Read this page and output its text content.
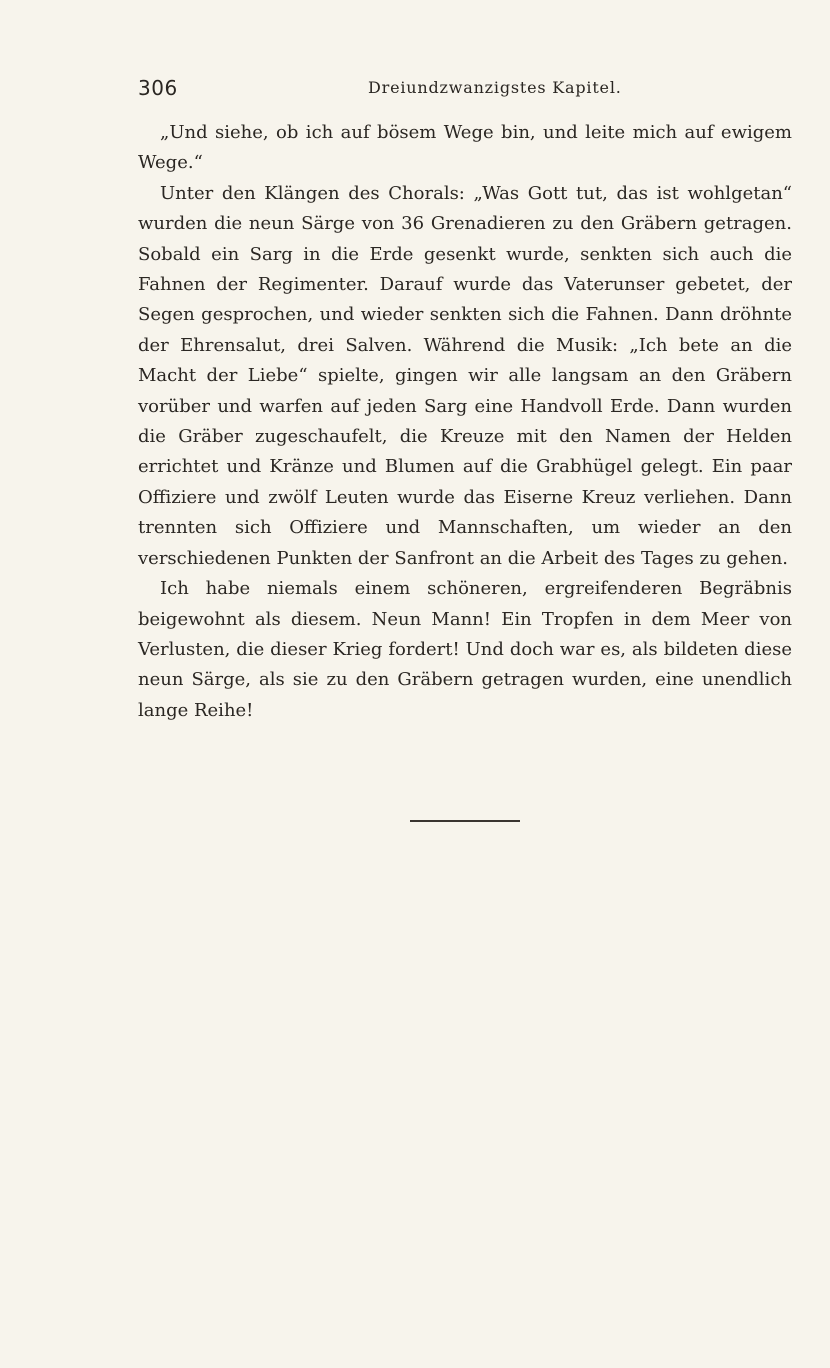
306	Dreiundzwanzigstes Kapitel.

„Und siehe, ob ich auf bösem Wege bin, und leite mich auf ewigem Wege.“

Unter den Klängen des Chorals: „Was Gott tut, das ist wohlgetan“ wurden die neun Särge von 36 Grenadieren zu den Gräbern getragen. Sobald ein Sarg in die Erde gesenkt wurde, senkten sich auch die Fahnen der Regimenter. Darauf wurde das Vaterunser gebetet, der Segen gesprochen, und wieder senkten sich die Fahnen. Dann dröhnte der Ehrensalut, drei Salven. Während die Musik: „Ich bete an die Macht der Liebe“ spielte, gingen wir alle langsam an den Gräbern vorüber und warfen auf jeden Sarg eine Handvoll Erde. Dann wurden die Gräber zugeschaufelt, die Kreuze mit den Namen der Helden errichtet und Kränze und Blumen auf die Grabhügel gelegt. Ein paar Offiziere und zwölf Leuten wurde das Eiserne Kreuz verliehen. Dann trennten sich Offiziere und Mannschaften, um wieder an den verschiedenen Punkten der Sanfront an die Arbeit des Tages zu gehen.

Ich habe niemals einem schöneren, ergreifenderen Begräbnis beigewohnt als diesem. Neun Mann! Ein Tropfen in dem Meer von Verlusten, die dieser Krieg fordert! Und doch war es, als bildeten diese neun Särge, als sie zu den Gräbern getragen wurden, eine unendlich lange Reihe!
